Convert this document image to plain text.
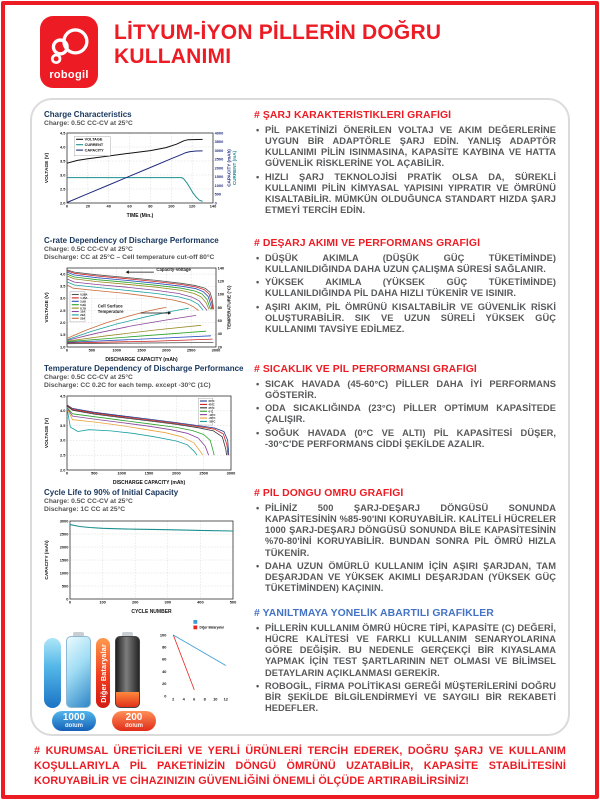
robogil
LİTYUM-İYON PİLLERİN DOĞRU KULLANIMI
Charge Characteristics
Charge: 0.5C CC-CV at 25°C
0	20	40	60	80	100	120	140
2.0
2.5
3.0
3.5
4.0
4.5
0
500
1000
1500
2000
2500
3000
3500
4000
TIME (Min.)
VOLTAGE (V)	CAPACITY (mAh) CURRENT (mA)
VOLTAGE
CURRENT
CAPACITY
C-rate Dependency of Discharge Performance
Charge: 0.5C CC-CV at 25°C
Discharge: CC at 25°C – Cell temperature cut-off 80°C
0	500	1000	1500	2000	2500	3000
1.0
1.5
2.0
2.5
3.0
3.5
4.0
20
40
60
80
100
120
140
DISCHARGE CAPACITY (mAh)
VOLTAGE (V)	TEMPERATURE (°C)
0,58A
1,45A
2,9A
5,8A
8,7A
15A
20A
25A
Capacity-Voltage
Cell Surface
Temperature
Temperature Dependency of Discharge Performance
Charge: 0.5C CC-CV at 25°C
Discharge: CC 0.2C for each temp. except -30°C (1C)
0	500	1000	1500	2000	2500	3000
2.0
2.5
3.0
3.5
4.0
4.5
DISCHARGE CAPACITY (mAh)
VOLTAGE (V)
60°C
45°C
25°C
0°C
-10°C
-20°C
-30°C
Cycle Life to 90% of Initial Capacity
Charge: 0.5C CC-CV at 25°C
Discharge: 1C CC at 25°C
0	100	200	300	400	500
0
500
1000
1500
2000
2500
3000
CYCLE NUMBER
CAPACITY (mAh)
Diğer Bataryalar	2 4 6 8 10 12
0
20
40
60
80
100
Diğer Bataryalar
1000
dolum
200
dolum
# ŞARJ KARAKTERİSTİKLERİ GRAFİĞİ
• PİL PAKETİNİZİ ÖNERİLEN VOLTAJ VE AKIM DEĞERLERİNE UYGUN BİR ADAPTÖRLE ŞARJ EDİN. YANLIŞ ADAPTÖR KULLANIMI PİLİN ISINMASINA, KAPASİTE KAYBINA VE HATTA GÜVENLİK RİSKLERİNE YOL AÇABİLİR.
• HIZLI ŞARJ TEKNOLOJİSİ PRATİK OLSA DA, SÜREKLİ KULLANIMI PİLİN KİMYASAL YAPISINI YIPRATIR VE ÖMRÜNÜ KISALTABİLİR. MÜMKÜN OLDUĞUNCA STANDART HIZDA ŞARJ ETMEYİ TERCİH EDİN.
# DEŞARJ AKIMI VE PERFORMANS GRAFİĞİ
• DÜŞÜK AKIMLA (DÜŞÜK GÜÇ TÜKETİMİNDE) KULLANILDIĞINDA DAHA UZUN ÇALIŞMA SÜRESİ SAĞLANIR.
• YÜKSEK AKIMLA (YÜKSEK GÜÇ TÜKETİMİNDE) KULLANILDIĞINDA PİL DAHA HIZLI TÜKENİR VE ISINIR.
• AŞIRI AKIM, PİL ÖMRÜNÜ KISALTABİLİR VE GÜVENLİK RİSKİ OLUŞTURABİLİR. SIK VE UZUN SÜRELİ YÜKSEK GÜÇ KULLANIMI TAVSİYE EDİLMEZ.
# SICAKLIK VE PİL PERFORMANSI GRAFİĞİ
• SICAK HAVADA (45-60°C) PİLLER DAHA İYİ PERFORMANS GÖSTERİR.
• ODA SICAKLIĞINDA (23°C) PİLLER OPTİMUM KAPASİTEDE ÇALIŞIR.
• SOĞUK HAVADA (0°C VE ALTI) PİL KAPASİTESİ DÜŞER, -30°C'DE PERFORMANS CİDDİ ŞEKİLDE AZALIR.
# PİL DÖNGÜ ÖMRÜ GRAFİĞİ
• PİLİNİZ 500 ŞARJ-DEŞARJ DÖNGÜSÜ SONUNDA KAPASİTESİNİN %85-90'INI KORUYABİLİR. KALİTELİ HÜCRELER 1000 ŞARJ-DEŞARJ DÖNGÜSÜ SONUNDA BİLE KAPASİTESİNİN %70-80'İNİ KORUYABİLİR. BUNDAN SONRA PİL ÖMRÜ HIZLA TÜKENİR.
• DAHA UZUN ÖMÜRLÜ KULLANIM İÇİN AŞIRI ŞARJDAN, TAM DEŞARJDAN VE YÜKSEK AKIMLI DEŞARJDAN (YÜKSEK GÜÇ TÜKETİMİNDEN) KAÇININ.
# YANILTMAYA YÖNELİK ABARTILI GRAFİKLER
• PİLLERİN KULLANIM ÖMRÜ HÜCRE TİPİ, KAPASİTE (C) DEĞERİ, HÜCRE KALİTESİ VE FARKLI KULLANIM SENARYOLARINA GÖRE DEĞİŞİR. BU NEDENLE GERÇEKÇİ BİR KIYASLAMA YAPMAK İÇİN TEST ŞARTLARININ NET OLMASI VE BİLİMSEL DETAYLARIN AÇIKLANMASI GEREKİR.
• ROBOGİL, FİRMA POLİTİKASI GEREĞİ MÜŞTERİLERİNİ DOĞRU BİR ŞEKİLDE BİLGİLENDİRMEYİ VE SAYGILI BİR REKABETİ HEDEFLER.
# KURUMSAL ÜRETİCİLERİ VE YERLİ ÜRÜNLERİ TERCİH EDEREK, DOĞRU ŞARJ VE KULLANIM KOŞULLARIYLA PİL PAKETİNİZİN DÖNGÜ ÖMRÜNÜ UZATABİLİR, KAPASİTE STABİLİTESİNİ KORUYABİLİR VE CİHAZINIZIN GÜVENLİĞİNİ ÖNEMLİ ÖLÇÜDE ARTIRABİLİRSİNİZ!
